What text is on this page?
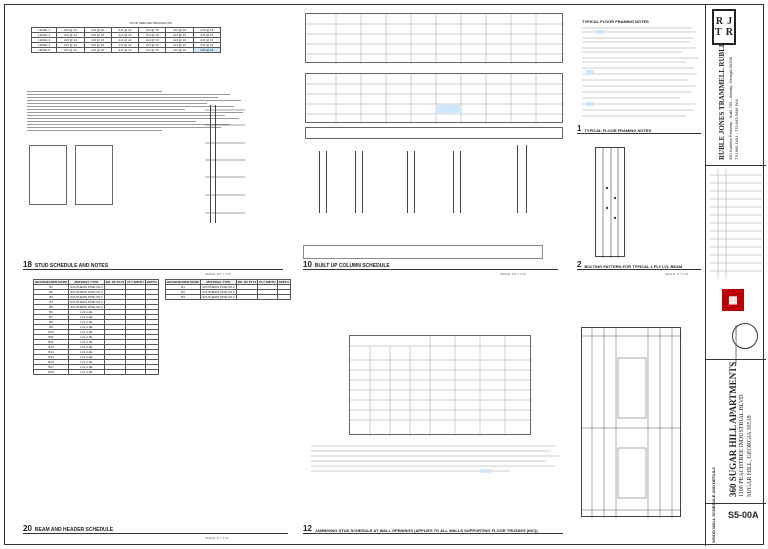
STUD SIZE AND SPACING (IN)
LEVEL 1	2x6 @ 12	2x6 @ 16	2x4 @ 12	2x4 @ 16	2x4 @ 16	2x6 @ 16
LEVEL 2	2x6 @ 12	2x6 @ 16	2x4 @ 12	2x4 @ 16	2x4 @ 16	2x6 @ 16
LEVEL 3	2x6 @ 12	2x6 @ 16	2x4 @ 12	2x4 @ 16	2x4 @ 16	2x6 @ 16
LEVEL 4	2x6 @ 12	2x6 @ 16	2x4 @ 12	2x4 @ 16	2x4 @ 16	2x6 @ 16
LEVEL 5	2x6 @ 12	2x6 @ 16	2x4 @ 12	2x4 @ 16	2x4 @ 16	2x6 @ 16
TYPICAL FLOOR FRAMING NOTES
18 STUD SCHEDULE AND NOTES
SCALE: 1/4" = 1'-0"
10 BUILT UP COLUMN SCHEDULE
SCALE: 1/4" = 1'-0"
2 BOLTING PATTERN FOR TYPICAL 4 PLY LVL BEAM
SCALE: 1" = 1'-0"
1 TYPICAL FLOOR FRAMING NOTES
BEAM/HEADER MARK	MATERIAL TYPE	NO. OF PLYS	PLY WIDTH	DEPTH
B1	SOUTHERN PINE NO.2			
B2	SOUTHERN PINE NO.2			
B3	SOUTHERN PINE NO.2			
B4	SOUTHERN PINE NO.2			
B5	SOUTHERN PINE NO.2			
B6	LVL 2.0E			
B7	LVL 2.0E			
B8	LVL 2.0E			
B9	LVL 2.0E			
B10	LVL 2.0E			
B11	LVL 2.0E			
B12	LVL 2.0E			
B13	LVL 2.0E			
B14	LVL 2.0E			
B15	LVL 2.0E			
B16	LVL 2.0E			
B17	LVL 2.0E			
B18	LVL 2.0E			
BEAM/HEADER MARK	MATERIAL TYPE	NO. OF PLYS	PLY WIDTH	DEPTH
B1	SOUTHERN PINE NO.2			
B2	SOUTHERN PINE NO.2			
B3	SOUTHERN PINE NO.2			
20 BEAM AND HEADER SCHEDULE
SCALE: 1" = 1'-0"
12 JAMB/KING STUD SCHEDULE AT WALL OPENINGS (APPLIES TO ALL WALLS SUPPORTING FLOOR TRUSSES (INC))
R J
T R
RUBLE JONES TRAMMELL RUBLE 360 Galleria Parkway - Suite 705 - Atlanta, Georgia 30339 770.665.1601 - 770.643.5646 FAX
▦
PROFESSIONAL ENGINEER
360 SUGAR HILL APARTMENTS 1100 PEACHTREE INDUSTRIAL BLVD SUGAR HILL, GEORGIA 30518
WOOD WALL SCHEDULE AND DETAILS S5-00A
